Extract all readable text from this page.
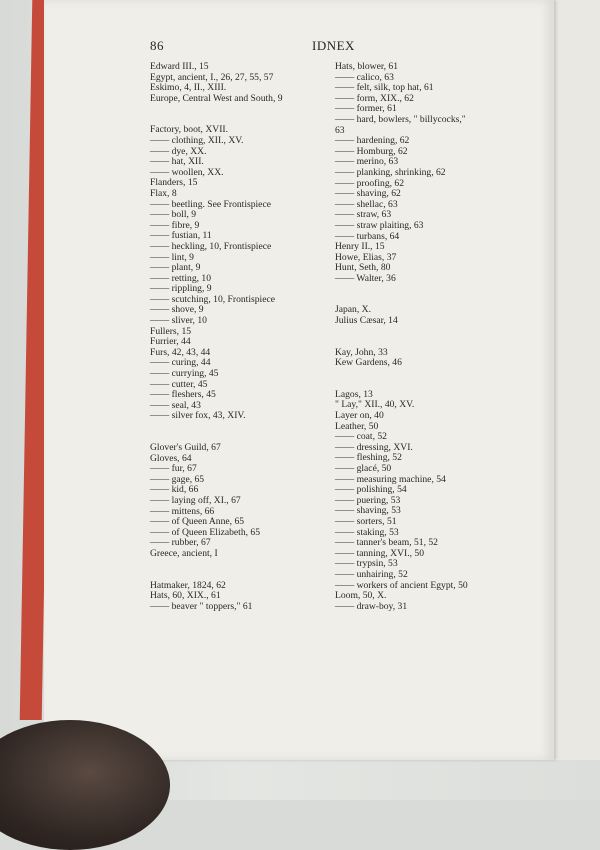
86	IDNEX
Edward III., 15
Egypt, ancient, I., 26, 27, 55, 57
Eskimo, 4, II., XIII.
Europe, Central West and South, 9
Factory, boot, XVII.
—— clothing, XII., XV.
—— dye, XX.
—— hat, XII.
—— woollen, XX.
Flanders, 15
Flax, 8
—— beetling. See Frontispiece
—— boll, 9
—— fibre, 9
—— fustian, 11
—— heckling, 10, Frontispiece
—— lint, 9
—— plant, 9
—— retting, 10
—— rippling, 9
—— scutching, 10, Frontispiece
—— shove, 9
—— sliver, 10
Fullers, 15
Furrier, 44
Furs, 42, 43, 44
—— curing, 44
—— currying, 45
—— cutter, 45
—— fleshers, 45
—— seal, 43
—— silver fox, 43, XIV.
Glover's Guild, 67
Gloves, 64
—— fur, 67
—— gage, 65
—— kid, 66
—— laying off, XI., 67
—— mittens, 66
—— of Queen Anne, 65
—— of Queen Elizabeth, 65
—— rubber, 67
Greece, ancient, I
Hatmaker, 1824, 62
Hats, 60, XIX., 61
—— beaver " toppers," 61
Hats, blower, 61
—— calico, 63
—— felt, silk, top hat, 61
—— form, XIX., 62
—— former, 61
—— hard, bowlers, " billycocks,"
63
—— hardening, 62
—— Homburg, 62
—— merino, 63
—— planking, shrinking, 62
—— proofing, 62
—— shaving, 62
—— shellac, 63
—— straw, 63
—— straw plaiting, 63
—— turbans, 64
Henry II., 15
Howe, Elias, 37
Hunt, Seth, 80
—— Walter, 36
Japan, X.
Julius Cæsar, 14
Kay, John, 33
Kew Gardens, 46
Lagos, 13
" Lay," XII., 40, XV.
Layer on, 40
Leather, 50
—— coat, 52
—— dressing, XVI.
—— fleshing, 52
—— glacé, 50
—— measuring machine, 54
—— polishing, 54
—— puering, 53
—— shaving, 53
—— sorters, 51
—— staking, 53
—— tanner's beam, 51, 52
—— tanning, XVI., 50
—— trypsin, 53
—— unhairing, 52
—— workers of ancient Egypt, 50
Loom, 50, X.
—— draw-boy, 31
